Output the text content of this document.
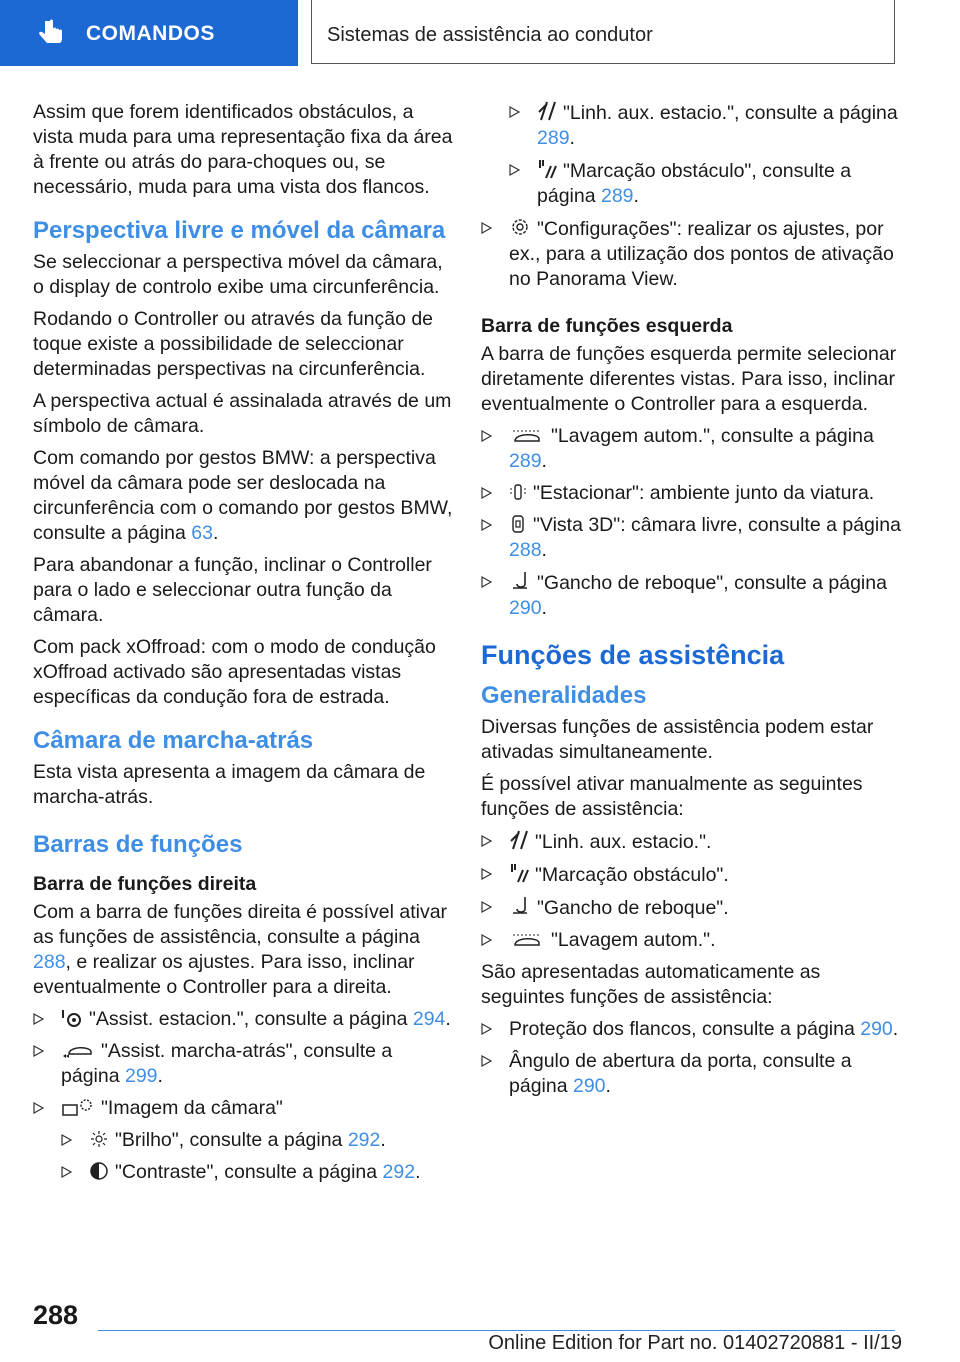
COMANDOS	Sistemas de assistência ao condutor

Assim que forem identificados obstáculos, a vista muda para uma representação fixa da área à frente ou atrás do para-choques ou, se necessário, muda para uma vista dos flancos.

Perspectiva livre e móvel da câmara

Se seleccionar a perspectiva móvel da câmara, o display de controlo exibe uma circunferência.

Rodando o Controller ou através da função de toque existe a possibilidade de seleccionar determinadas perspectivas na circunferência.

A perspectiva actual é assinalada através de um símbolo de câmara.

Com comando por gestos BMW: a perspectiva móvel da câmara pode ser deslocada na circunferência com o comando por gestos BMW, consulte a página 63.

Para abandonar a função, inclinar o Controller para o lado e seleccionar outra função da câmara.

Com pack xOffroad: com o modo de condução xOffroad activado são apresentadas vistas específicas da condução fora de estrada.

Câmara de marcha-atrás

Esta vista apresenta a imagem da câmara de marcha-atrás.

Barras de funções
Barra de funções direita

Com a barra de funções direita é possível ativar as funções de assistência, consulte a página 288, e realizar os ajustes. Para isso, inclinar eventualmente o Controller para a direita.

"Assist. estacion.", consulte a página 294.
"Assist. marcha-atrás", consulte a página 299.
"Imagem da câmara"
"Brilho", consulte a página 292.
"Contraste", consulte a página 292.
"Linh. aux. estacio.", consulte a página 289.
"Marcação obstáculo", consulte a página 289.
"Configurações": realizar os ajustes, por ex., para a utilização dos pontos de ativação no Panorama View.
Barra de funções esquerda

A barra de funções esquerda permite selecionar diretamente diferentes vistas. Para isso, inclinar eventualmente o Controller para a esquerda.

"Lavagem autom.", consulte a página 289.
"Estacionar": ambiente junto da viatura.
"Vista 3D": câmara livre, consulte a página 288.
"Gancho de reboque", consulte a página 290.
Funções de assistência
Generalidades

Diversas funções de assistência podem estar ativadas simultaneamente.

É possível ativar manualmente as seguintes funções de assistência:

"Linh. aux. estacio.".
"Marcação obstáculo".
"Gancho de reboque".
"Lavagem autom.".

São apresentadas automaticamente as seguintes funções de assistência:

Proteção dos flancos, consulte a página 290.
Ângulo de abertura da porta, consulte a página 290.
288
Online Edition for Part no. 01402720881 - II/19
